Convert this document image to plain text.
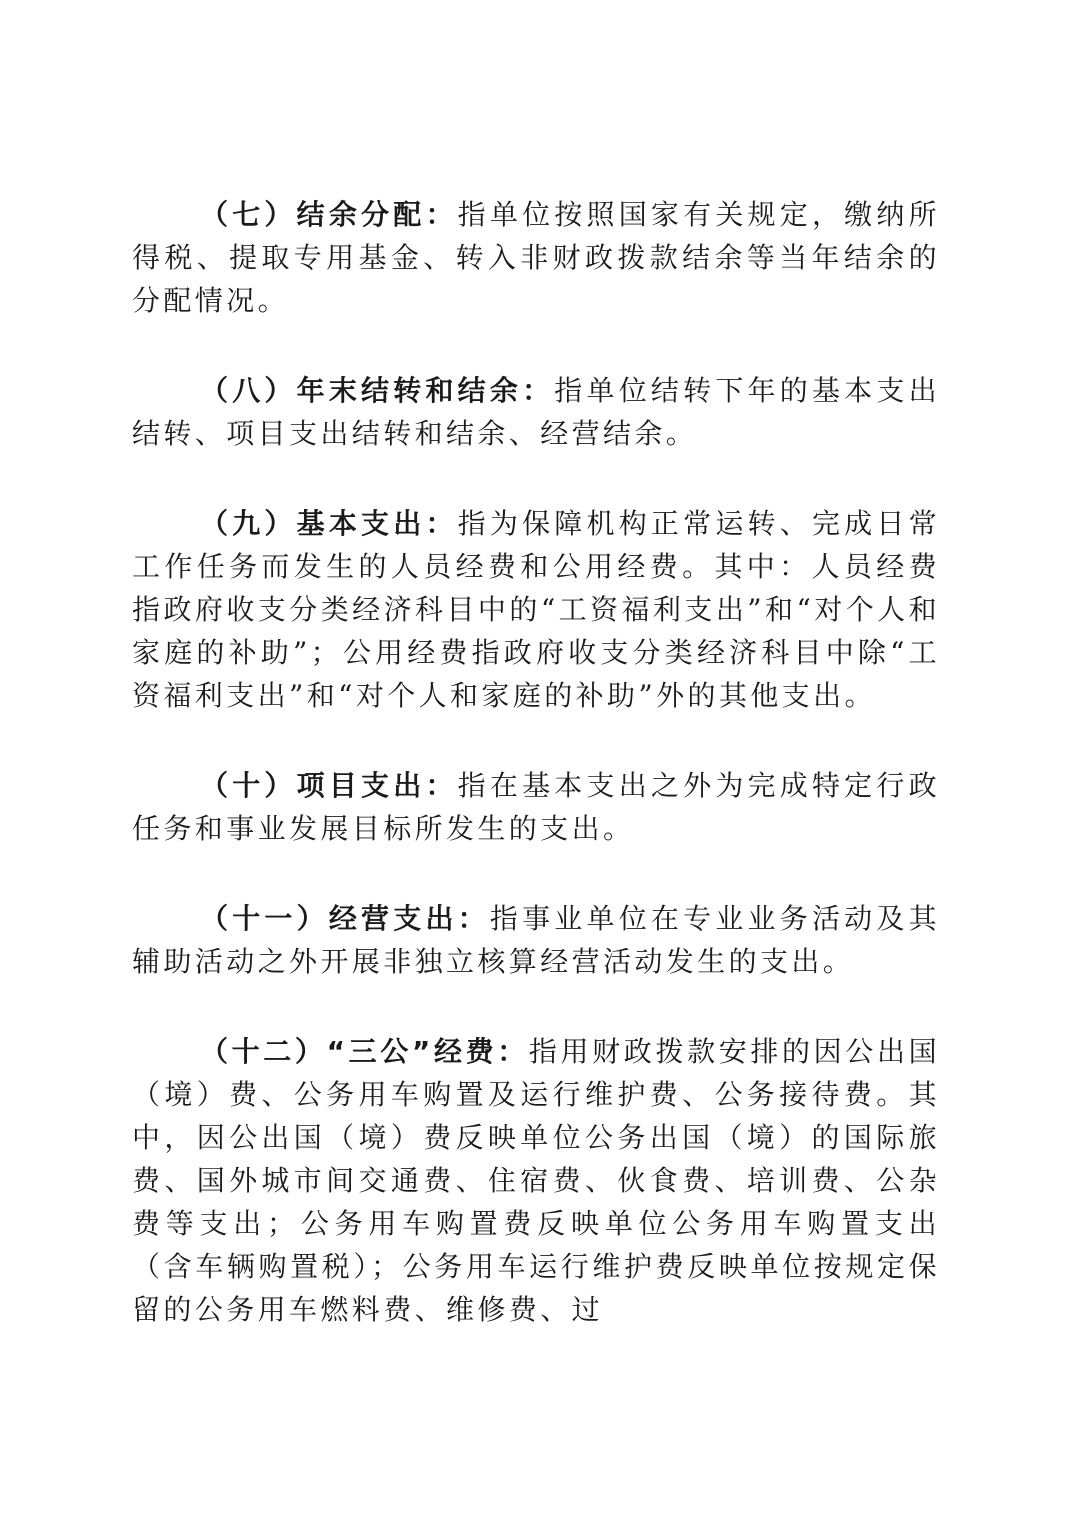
（七）结余分配：指单位按照国家有关规定，缴纳所得税、提取专用基金、转入非财政拨款结余等当年结余的分配情况。

（八）年末结转和结余：指单位结转下年的基本支出结转、项目支出结转和结余、经营结余。

（九）基本支出：指为保障机构正常运转、完成日常工作任务而发生的人员经费和公用经费。其中：人员经费指政府收支分类经济科目中的“工资福利支出”和“对个人和家庭的补助”；公用经费指政府收支分类经济科目中除“工资福利支出”和“对个人和家庭的补助”外的其他支出。

（十）项目支出：指在基本支出之外为完成特定行政任务和事业发展目标所发生的支出。

（十一）经营支出：指事业单位在专业业务活动及其辅助活动之外开展非独立核算经营活动发生的支出。

（十二）“三公”经费：指用财政拨款安排的因公出国（境）费、公务用车购置及运行维护费、公务接待费。其中，因公出国（境）费反映单位公务出国（境）的国际旅费、国外城市间交通费、住宿费、伙食费、培训费、公杂费等支出；公务用车购置费反映单位公务用车购置支出（含车辆购置税）；公务用车运行维护费反映单位按规定保留的公务用车燃料费、维修费、过
